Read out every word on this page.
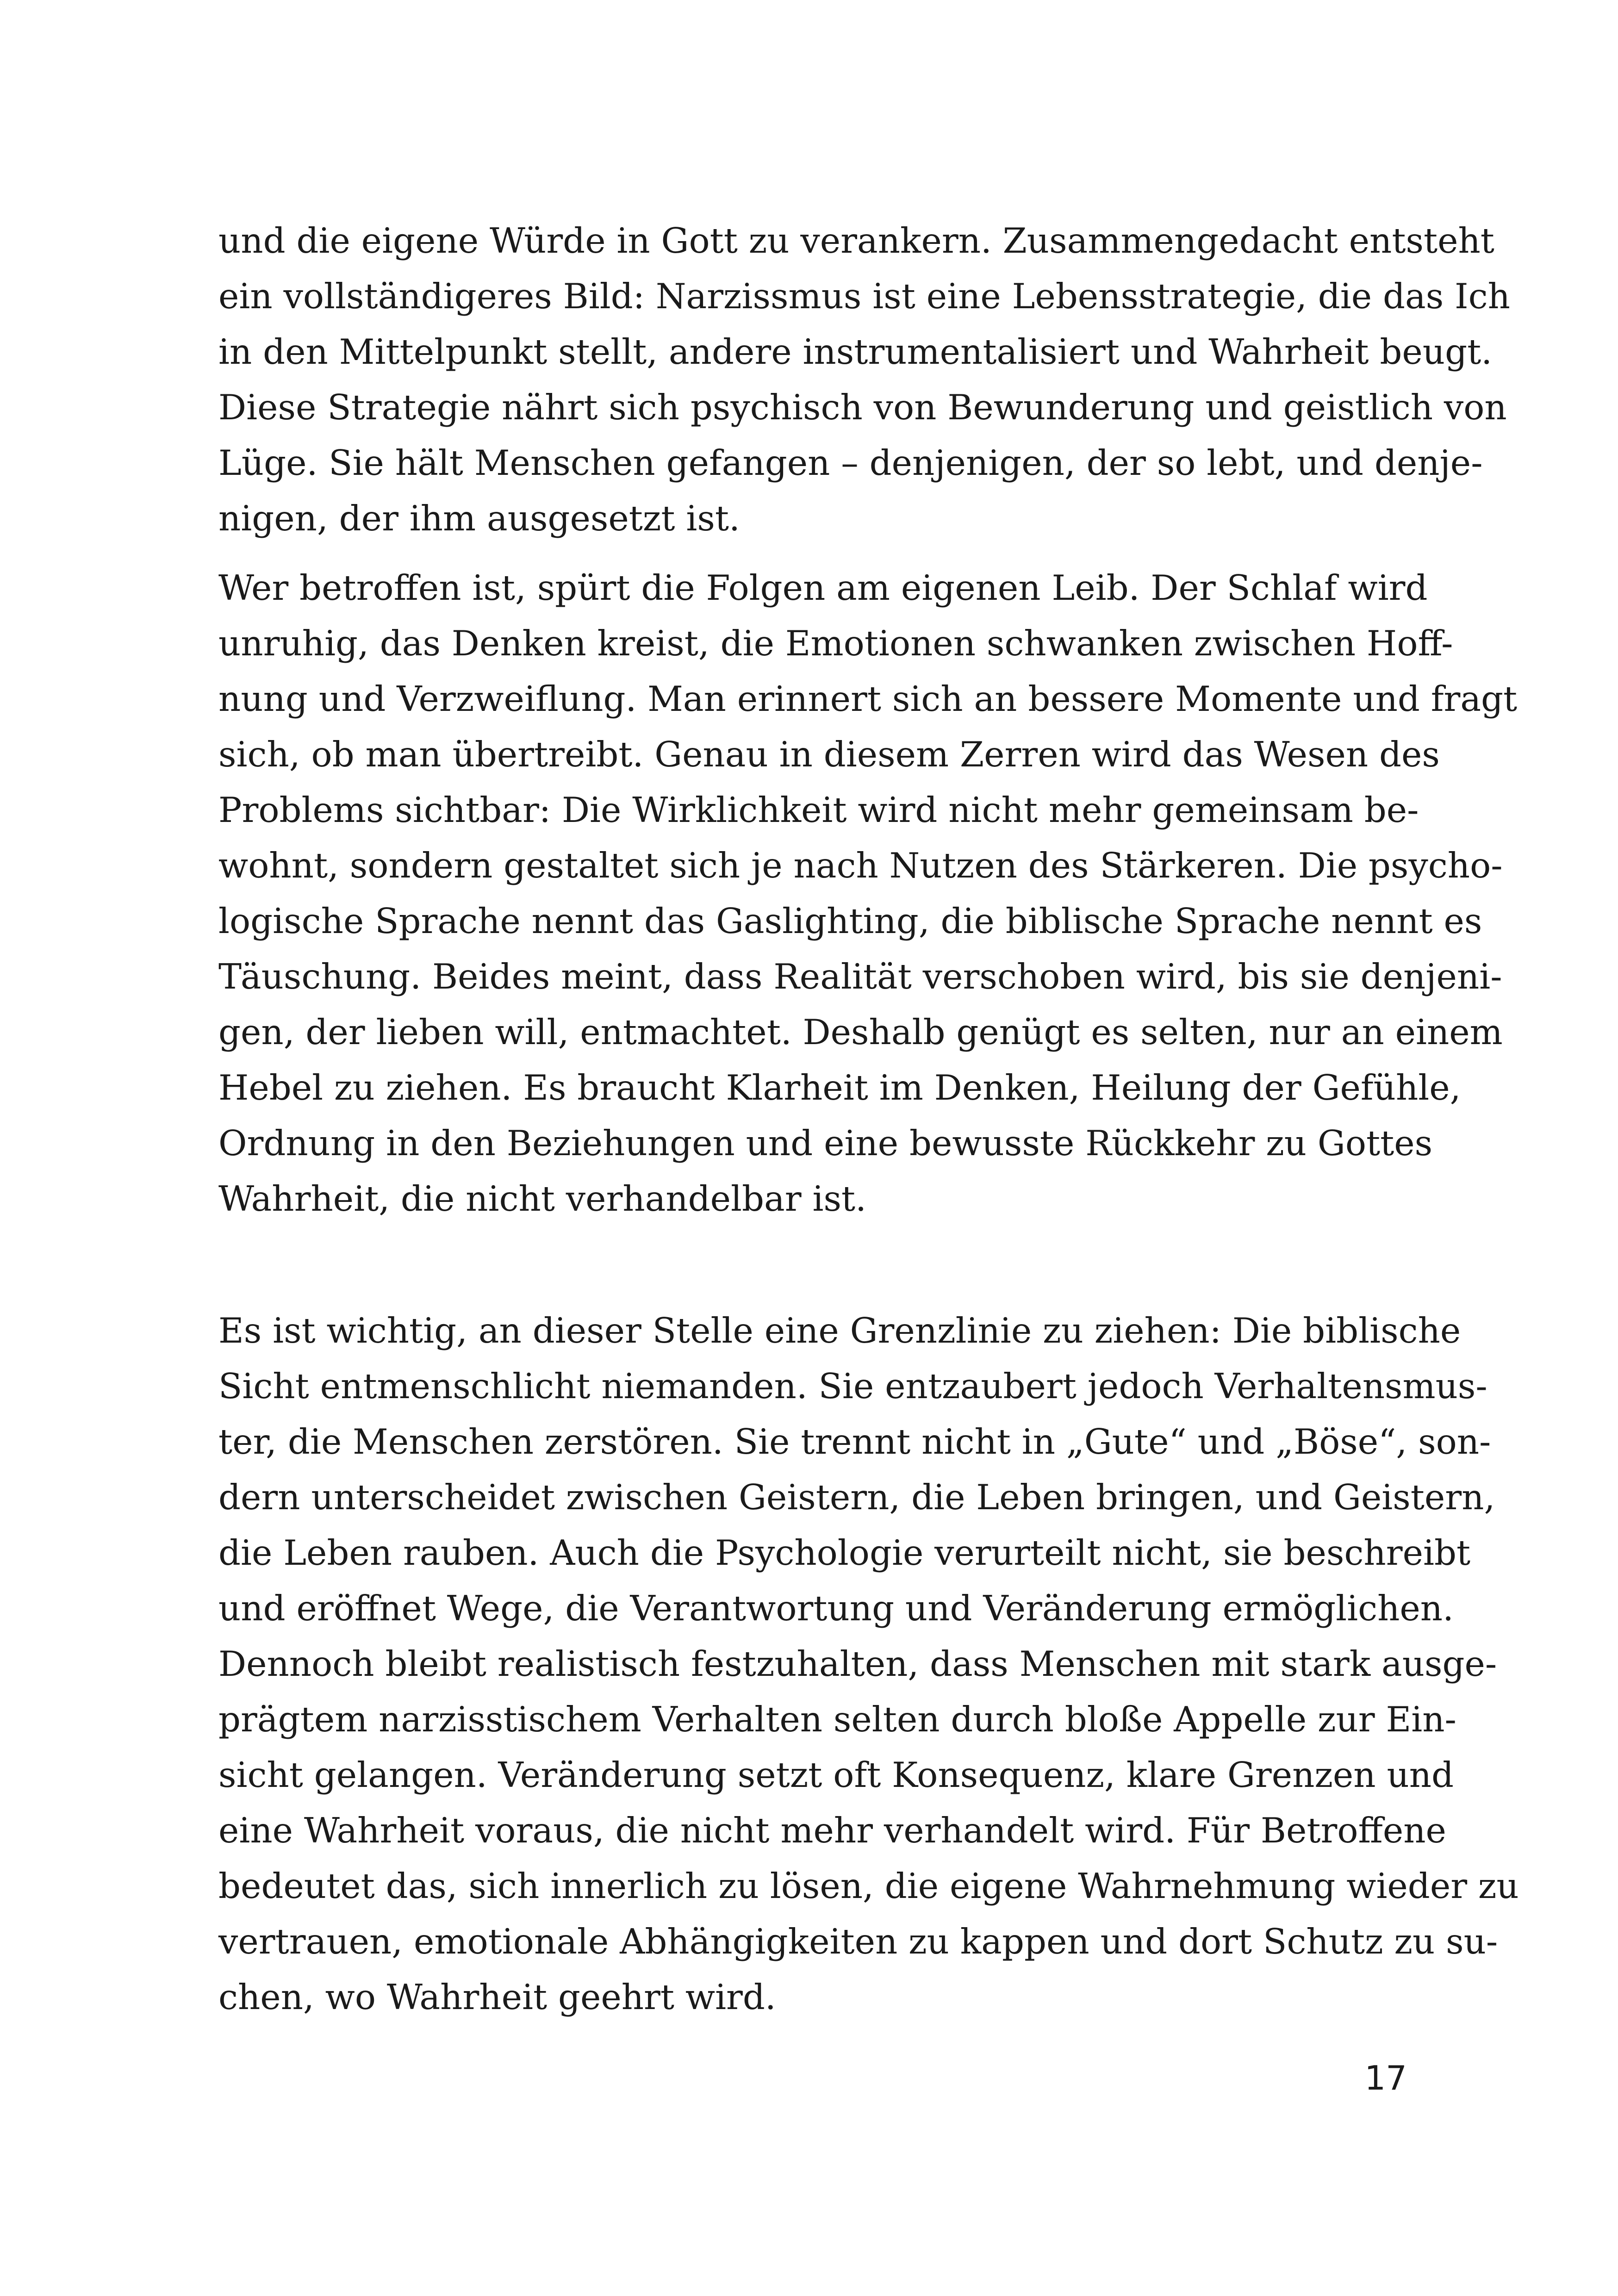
und die eigene Würde in Gott zu verankern. Zusammengedacht entsteht
ein vollständigeres Bild: Narzissmus ist eine Lebensstrategie, die das Ich
in den Mittelpunkt stellt, andere instrumentalisiert und Wahrheit beugt.
Diese Strategie nährt sich psychisch von Bewunderung und geistlich von
Lüge. Sie hält Menschen gefangen – denjenigen, der so lebt, und denje-
nigen, der ihm ausgesetzt ist.
Wer betroffen ist, spürt die Folgen am eigenen Leib. Der Schlaf wird
unruhig, das Denken kreist, die Emotionen schwanken zwischen Hoff-
nung und Verzweiflung. Man erinnert sich an bessere Momente und fragt
sich, ob man übertreibt. Genau in diesem Zerren wird das Wesen des
Problems sichtbar: Die Wirklichkeit wird nicht mehr gemeinsam be-
wohnt, sondern gestaltet sich je nach Nutzen des Stärkeren. Die psycho-
logische Sprache nennt das Gaslighting, die biblische Sprache nennt es
Täuschung. Beides meint, dass Realität verschoben wird, bis sie denjeni-
gen, der lieben will, entmachtet. Deshalb genügt es selten, nur an einem
Hebel zu ziehen. Es braucht Klarheit im Denken, Heilung der Gefühle,
Ordnung in den Beziehungen und eine bewusste Rückkehr zu Gottes
Wahrheit, die nicht verhandelbar ist.
Es ist wichtig, an dieser Stelle eine Grenzlinie zu ziehen: Die biblische
Sicht entmenschlicht niemanden. Sie entzaubert jedoch Verhaltensmus-
ter, die Menschen zerstören. Sie trennt nicht in „Gute“ und „Böse“, son-
dern unterscheidet zwischen Geistern, die Leben bringen, und Geistern,
die Leben rauben. Auch die Psychologie verurteilt nicht, sie beschreibt
und eröffnet Wege, die Verantwortung und Veränderung ermöglichen.
Dennoch bleibt realistisch festzuhalten, dass Menschen mit stark ausge-
prägtem narzisstischem Verhalten selten durch bloße Appelle zur Ein-
sicht gelangen. Veränderung setzt oft Konsequenz, klare Grenzen und
eine Wahrheit voraus, die nicht mehr verhandelt wird. Für Betroffene
bedeutet das, sich innerlich zu lösen, die eigene Wahrnehmung wieder zu
vertrauen, emotionale Abhängigkeiten zu kappen und dort Schutz zu su-
chen, wo Wahrheit geehrt wird.
17
